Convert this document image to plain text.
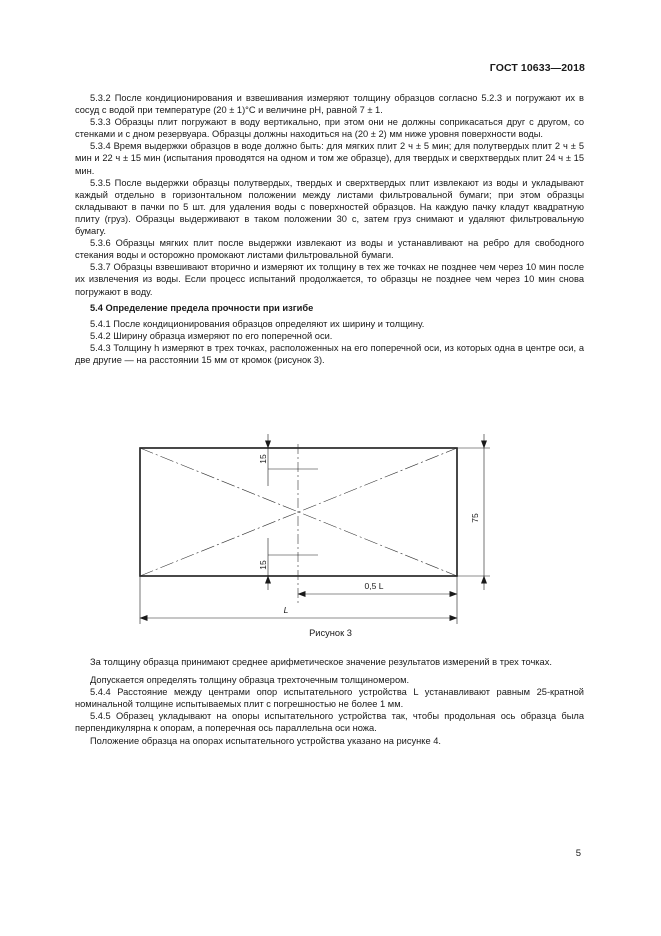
ГОСТ 10633—2018

5.3.2 После кондиционирования и взвешивания измеряют толщину образцов согласно 5.2.3 и погружают их в сосуд с водой при температуре (20 ± 1)°С и величине pH, равной 7 ± 1.

5.3.3 Образцы плит погружают в воду вертикально, при этом они не должны соприкасаться друг с другом, со стенками и с дном резервуара. Образцы должны находиться на (20 ± 2) мм ниже уровня поверхности воды.

5.3.4 Время выдержки образцов в воде должно быть: для мягких плит 2 ч ± 5 мин; для полутвердых плит 2 ч ± 5 мин и 22 ч ± 15 мин (испытания проводятся на одном и том же образце), для твердых и сверхтвердых плит 24 ч ± 15 мин.

5.3.5 После выдержки образцы полутвердых, твердых и сверхтвердых плит извлекают из воды и укладывают каждый отдельно в горизонтальном положении между листами фильтровальной бумаги; при этом образцы складывают в пачки по 5 шт. для удаления воды с поверхностей образцов. На каждую пачку кладут квадратную плиту (груз). Образцы выдерживают в таком положении 30 с, затем груз снимают и удаляют фильтровальную бумагу.

5.3.6 Образцы мягких плит после выдержки извлекают из воды и устанавливают на ребро для свободного стекания воды и осторожно промокают листами фильтровальной бумаги.

5.3.7 Образцы взвешивают вторично и измеряют их толщину в тех же точках не позднее чем через 10 мин после их извлечения из воды. Если процесс испытаний продолжается, то образцы не позднее чем через 10 мин снова погружают в воду.

5.4 Определение предела прочности при изгибе

5.4.1 После кондиционирования образцов определяют их ширину и толщину.

5.4.2 Ширину образца измеряют по его поперечной оси.

5.4.3 Толщину h измеряют в трех точках, расположенных на его поперечной оси, из которых одна в центре оси, а две другие — на расстоянии 15 мм от кромок (рисунок 3).

15
15
75
0,5 L
L
Рисунок 3

За толщину образца принимают среднее арифметическое значение результатов измерений в трех точках.

Допускается определять толщину образца трехточечным толщиномером.

5.4.4 Расстояние между центрами опор испытательного устройства L устанавливают равным 25-кратной номинальной толщине испытываемых плит с погрешностью не более 1 мм.

5.4.5 Образец укладывают на опоры испытательного устройства так, чтобы продольная ось образца была перпендикулярна к опорам, а поперечная ось параллельна оси ножа.

Положение образца на опорах испытательного устройства указано на рисунке 4.

5
